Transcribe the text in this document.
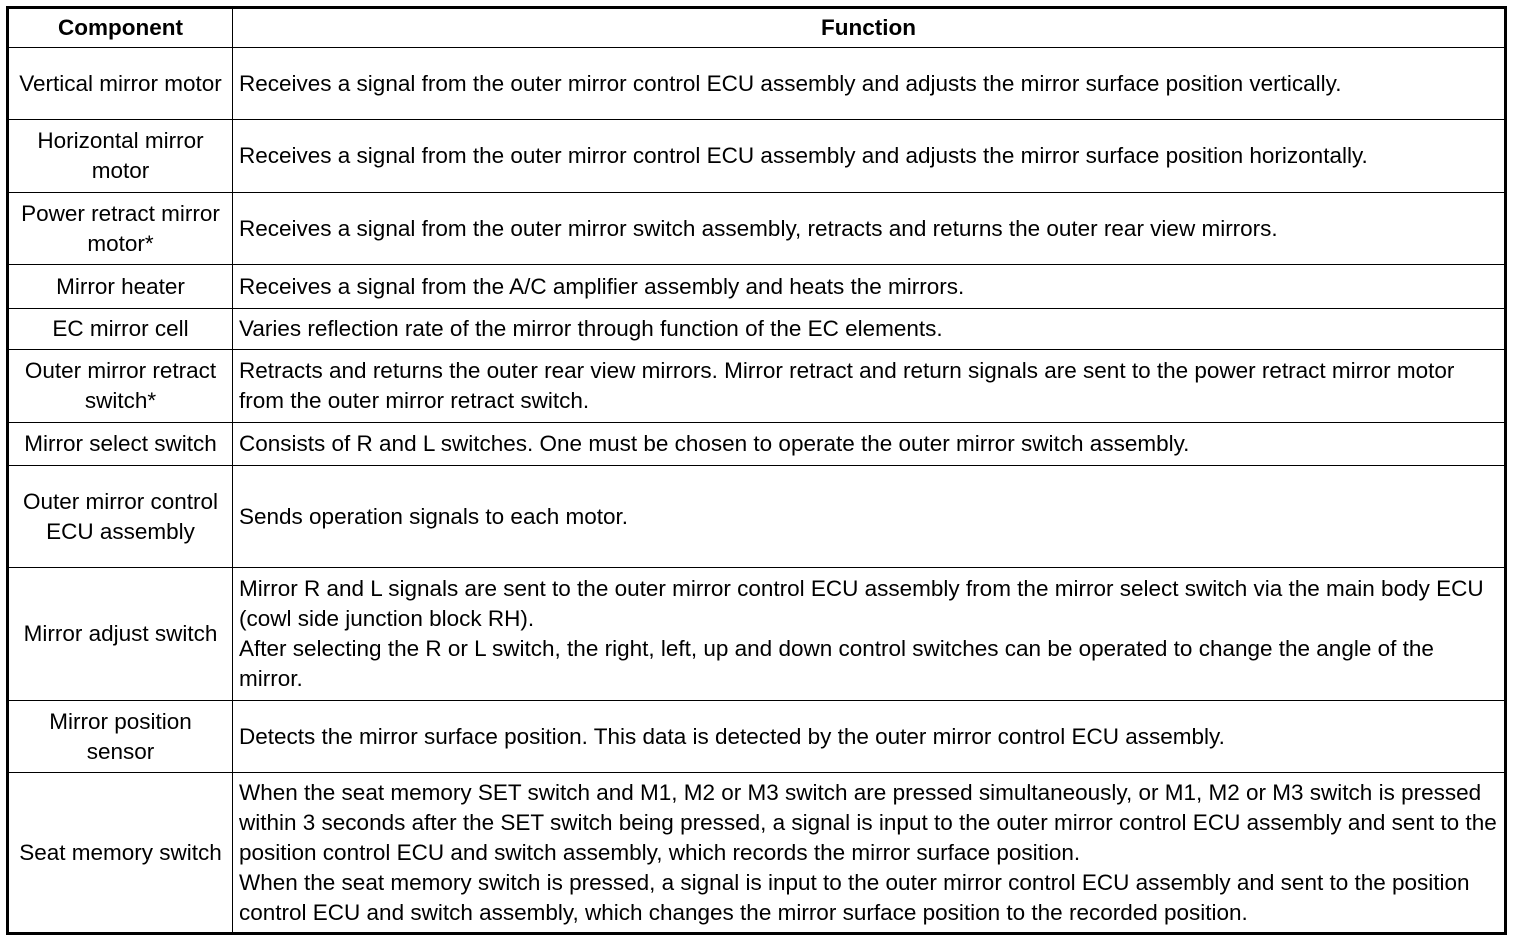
Component	Function
Vertical mirror motor	Receives a signal from the outer mirror control ECU assembly and adjusts the mirror surface position vertically.

Horizontal mirror motor	Receives a signal from the outer mirror control ECU assembly and adjusts the mirror surface position horizontally.

Power retract mirror motor*	Receives a signal from the outer mirror switch assembly, retracts and returns the outer rear view mirrors.

Mirror heater	Receives a signal from the A/C amplifier assembly and heats the mirrors.

EC mirror cell	Varies reflection rate of the mirror through function of the EC elements.

Outer mirror retract switch*	Retracts and returns the outer rear view mirrors. Mirror retract and return signals are sent to the power retract mirror motor from the outer mirror retract switch.

Mirror select switch	Consists of R and L switches. One must be chosen to operate the outer mirror switch assembly.

Outer mirror control ECU assembly	Sends operation signals to each motor.

Mirror adjust switch	Mirror R and L signals are sent to the outer mirror control ECU assembly from the mirror select switch via the main body ECU (cowl side junction block RH).
After selecting the R or L switch, the right, left, up and down control switches can be operated to change the angle of the mirror.

Mirror position sensor	Detects the mirror surface position. This data is detected by the outer mirror control ECU assembly.

Seat memory switch	When the seat memory SET switch and M1, M2 or M3 switch are pressed simultaneously, or M1, M2 or M3 switch is pressed within 3 seconds after the SET switch being pressed, a signal is input to the outer mirror control ECU assembly and sent to the position control ECU and switch assembly, which records the mirror surface position.
When the seat memory switch is pressed, a signal is input to the outer mirror control ECU assembly and sent to the position control ECU and switch assembly, which changes the mirror surface position to the recorded position.
